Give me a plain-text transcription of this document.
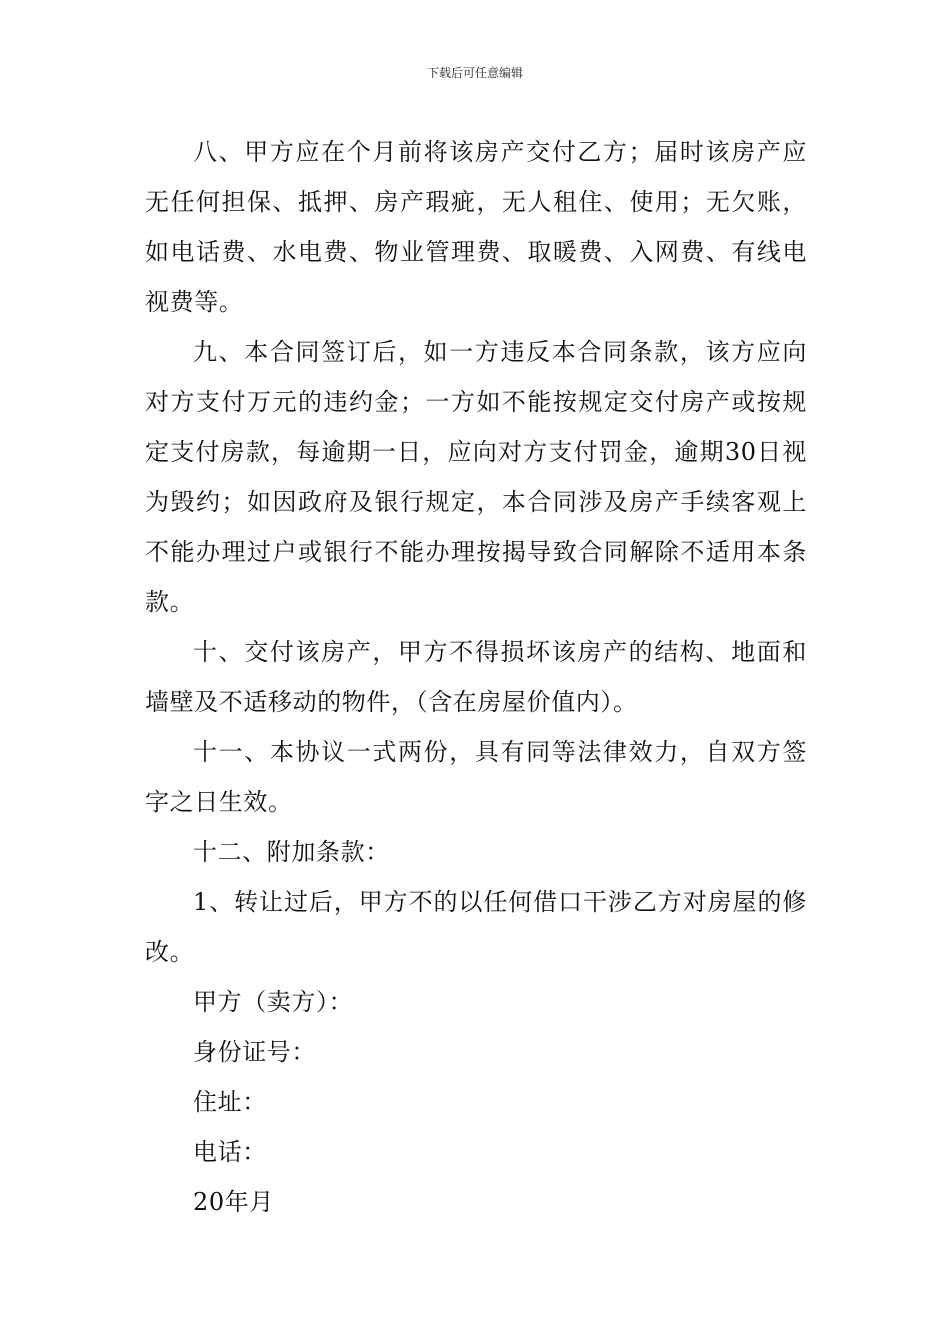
下载后可任意编辑

八、甲方应在个月前将该房产交付乙方；届时该房产应无任何担保、抵押、房产瑕疵，无人租住、使用；无欠账，如电话费、水电费、物业管理费、取暖费、入网费、有线电视费等。

九、本合同签订后，如一方违反本合同条款，该方应向对方支付万元的违约金；一方如不能按规定交付房产或按规定支付房款，每逾期一日，应向对方支付罚金，逾期30日视为毁约；如因政府及银行规定，本合同涉及房产手续客观上不能办理过户或银行不能办理按揭导致合同解除不适用本条款。

十、交付该房产，甲方不得损坏该房产的结构、地面和墙壁及不适移动的物件，（含在房屋价值内）。

十一、本协议一式两份，具有同等法律效力，自双方签字之日生效。

十二、附加条款：

1、转让过后，甲方不的以任何借口干涉乙方对房屋的修改。

甲方（卖方）：

身份证号：

住址：

电话：

20年月
